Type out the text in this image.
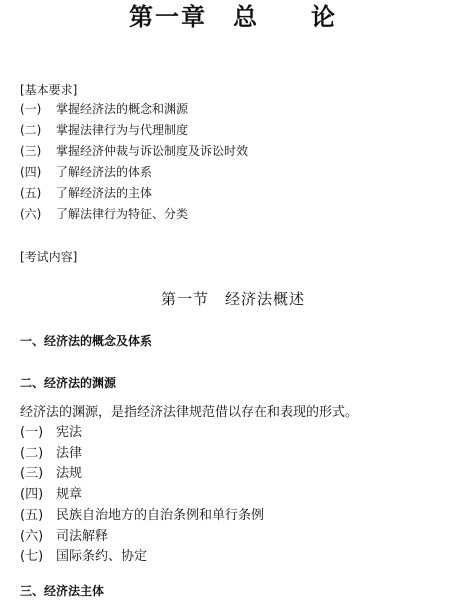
第一章　总　　论
[基本要求]
(一) 掌握经济法的概念和渊源
(二) 掌握法律行为与代理制度
(三) 掌握经济仲裁与诉讼制度及诉讼时效
(四) 了解经济法的体系
(五) 了解经济法的主体
(六) 了解法律行为特征、分类
[考试内容]
第一节　经济法概述
一、经济法的概念及体系
二、经济法的渊源
经济法的渊源，是指经济法律规范借以存在和表现的形式。
(一) 宪法
(二) 法律
(三) 法规
(四) 规章
(五) 民族自治地方的自治条例和单行条例
(六) 司法解释
(七) 国际条约、协定
三、经济法主体
